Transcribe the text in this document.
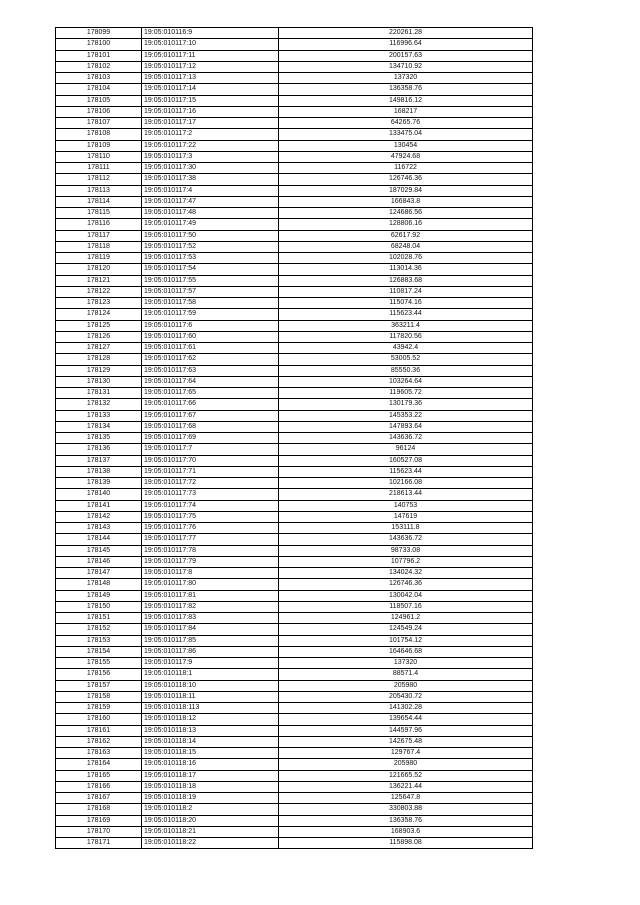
178099	19:05:010116:9	220261.28
178100	19:05:010117:10	116996.64
178101	19:05:010117:11	200157.63
178102	19:05:010117:12	134710.92
178103	19:05:010117:13	137320
178104	19:05:010117:14	136358.76
178105	19:05:010117:15	149816.12
178106	19:05:010117:16	168217
178107	19:05:010117:17	64265.76
178108	19:05:010117:2	133475.04
178109	19:05:010117:22	130454
178110	19:05:010117:3	47924.68
178111	19:05:010117:30	116722
178112	19:05:010117:38	126746.36
178113	19:05:010117:4	187029.84
178114	19:05:010117:47	166843.8
178115	19:05:010117:48	124686.56
178116	19:05:010117:49	128806.16
178117	19:05:010117:50	62617.92
178118	19:05:010117:52	68248.04
178119	19:05:010117:53	102028.76
178120	19:05:010117:54	113014.36
178121	19:05:010117:55	126883.68
178122	19:05:010117:57	110817.24
178123	19:05:010117:58	115074.16
178124	19:05:010117:59	115623.44
178125	19:05:010117:6	363211.4
178126	19:05:010117:60	117820.56
178127	19:05:010117:61	43942.4
178128	19:05:010117:62	53005.52
178129	19:05:010117:63	85550.36
178130	19:05:010117:64	103264.64
178131	19:05:010117:65	119605.72
178132	19:05:010117:66	130179.36
178133	19:05:010117:67	145353.22
178134	19:05:010117:68	147893.64
178135	19:05:010117:69	143636.72
178136	19:05:010117:7	96124
178137	19:05:010117:70	160527.08
178138	19:05:010117:71	115623.44
178139	19:05:010117:72	102166.08
178140	19:05:010117:73	218613.44
178141	19:05:010117:74	140753
178142	19:05:010117:75	147619
178143	19:05:010117:76	153111.8
178144	19:05:010117:77	143636.72
178145	19:05:010117:78	98733.08
178146	19:05:010117:79	107796.2
178147	19:05:010117:8	134024.32
178148	19:05:010117:80	126746.36
178149	19:05:010117:81	130042.04
178150	19:05:010117:82	118507.16
178151	19:05:010117:83	124961.2
178152	19:05:010117:84	124549.24
178153	19:05:010117:85	101754.12
178154	19:05:010117:86	164646.68
178155	19:05:010117:9	137320
178156	19:05:010118:1	88571.4
178157	19:05:010118:10	205980
178158	19:05:010118:11	205430.72
178159	19:05:010118:113	141302.28
178160	19:05:010118:12	139654.44
178161	19:05:010118:13	144597.96
178162	19:05:010118:14	142675.48
178163	19:05:010118:15	129767.4
178164	19:05:010118:16	205980
178165	19:05:010118:17	121665.52
178166	19:05:010118:18	136221.44
178167	19:05:010118:19	125647.8
178168	19:05:010118:2	330803.88
178169	19:05:010118:20	136358.76
178170	19:05:010118:21	168903.6
178171	19:05:010118:22	115898.08
